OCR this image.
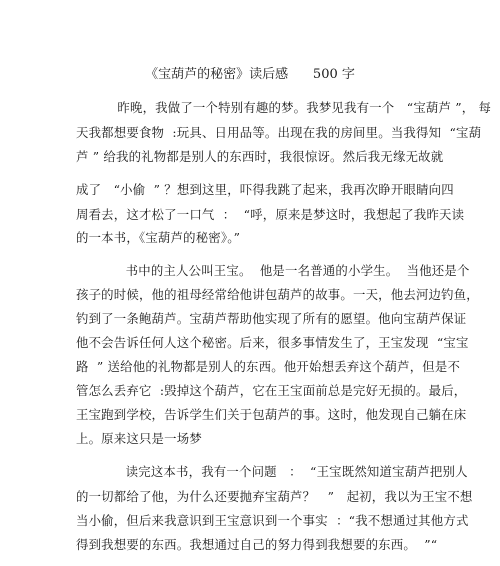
《宝葫芦的秘密》读后感      500 字
昨晚，我做了一个特别有趣的梦。我梦见我有一个   “宝葫芦 ”， 每
天我都想要食物  :玩具、日用品等。出现在我的房间里。当我得知  “宝葫
芦 ” 给我的礼物都是别人的东西时，我很惊讶。然后我无缘无故就
成了   “小偷  ” ？想到这里，吓得我跳了起来，我再次睁开眼睛向四
周看去，这才松了一口气  ：  “呼，原来是梦这时，我想起了我昨天读
的一本书，《宝葫芦的秘密》。”
书中的主人公叫王宝。  他是一名普通的小学生。  当他还是个
孩子的时候，他的祖母经常给他讲包葫芦的故事。一天，他去河边钓鱼，
钓到了一条鲍葫芦。宝葫芦帮助他实现了所有的愿望。他向宝葫芦保证
他不会告诉任何人这个秘密。后来，很多事情发生了，王宝发现  “宝宝
路  ” 送给他的礼物都是别人的东西。他开始想丢弃这个葫芦，但是不
管怎么丢弃它  :毁掉这个葫芦，它在王宝面前总是完好无损的。最后，
王宝跑到学校，告诉学生们关于包葫芦的事。这时，他发现自己躺在床
上。原来这只是一场梦
读完这本书，我有一个问题   ：  “王宝既然知道宝葫芦把别人
的一切都给了他，为什么还要抛弃宝葫芦？   ”   起初，我以为王宝不想
当小偷，但后来我意识到王宝意识到一个事实  ：“我不想通过其他方式
得到我想要的东西。我想通过自己的努力得到我想要的东西。  ”“
